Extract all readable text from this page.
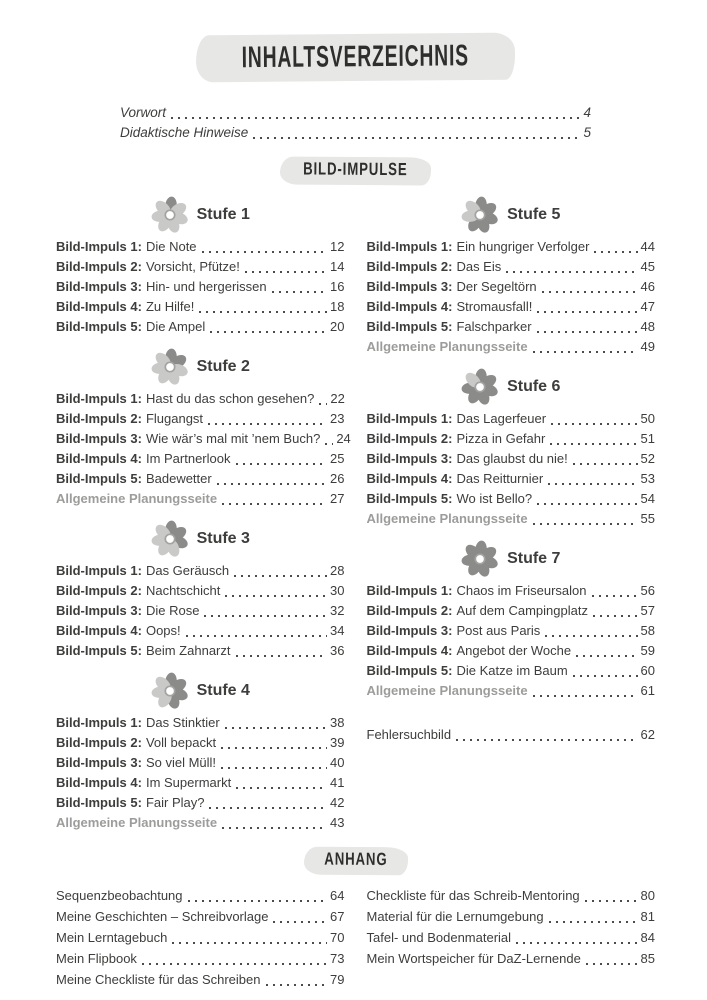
INHALTSVERZEICHNIS
Vorwort	4
Didaktische Hinweise	5
BILD-IMPULSE
Stufe 1
Bild-Impuls 1: Die Note	12
Bild-Impuls 2: Vorsicht, Pfütze!	14
Bild-Impuls 3: Hin- und hergerissen	16
Bild-Impuls 4: Zu Hilfe!	18
Bild-Impuls 5: Die Ampel	20
Stufe 2
Bild-Impuls 1: Hast du das schon gesehen? 22
Bild-Impuls 2: Flugangst	23
Bild-Impuls 3: Wie wär’s mal mit ’nem Buch? 24
Bild-Impuls 4: Im Partnerlook	25
Bild-Impuls 5: Badewetter	26
Allgemeine Planungsseite	27
Stufe 3
Bild-Impuls 1: Das Geräusch	28
Bild-Impuls 2: Nachtschicht	30
Bild-Impuls 3: Die Rose	32
Bild-Impuls 4: Oops!	34
Bild-Impuls 5: Beim Zahnarzt	36
Stufe 4
Bild-Impuls 1: Das Stinktier	38
Bild-Impuls 2: Voll bepackt	39
Bild-Impuls 3: So viel Müll!	40
Bild-Impuls 4: Im Supermarkt	41
Bild-Impuls 5: Fair Play?	42
Allgemeine Planungsseite	43
Stufe 5
Bild-Impuls 1: Ein hungriger Verfolger	44
Bild-Impuls 2: Das Eis	45
Bild-Impuls 3: Der Segeltörn	46
Bild-Impuls 4: Stromausfall!	47
Bild-Impuls 5: Falschparker	48
Allgemeine Planungsseite	49
Stufe 6
Bild-Impuls 1: Das Lagerfeuer	50
Bild-Impuls 2: Pizza in Gefahr	51
Bild-Impuls 3: Das glaubst du nie!	52
Bild-Impuls 4: Das Reitturnier	53
Bild-Impuls 5: Wo ist Bello?	54
Allgemeine Planungsseite	55
Stufe 7
Bild-Impuls 1: Chaos im Friseursalon	56
Bild-Impuls 2: Auf dem Campingplatz	57
Bild-Impuls 3: Post aus Paris	58
Bild-Impuls 4: Angebot der Woche	59
Bild-Impuls 5: Die Katze im Baum	60
Allgemeine Planungsseite	61
Fehlersuchbild	62
ANHANG
Sequenzbeobachtung	64
Meine Geschichten – Schreibvorlage	67
Mein Lerntagebuch	70
Mein Flipbook	73
Meine Checkliste für das Schreiben	79
Checkliste für das Schreib-Mentoring	80
Material für die Lernumgebung	81
Tafel- und Bodenmaterial	84
Mein Wortspeicher für DaZ-Lernende	85
